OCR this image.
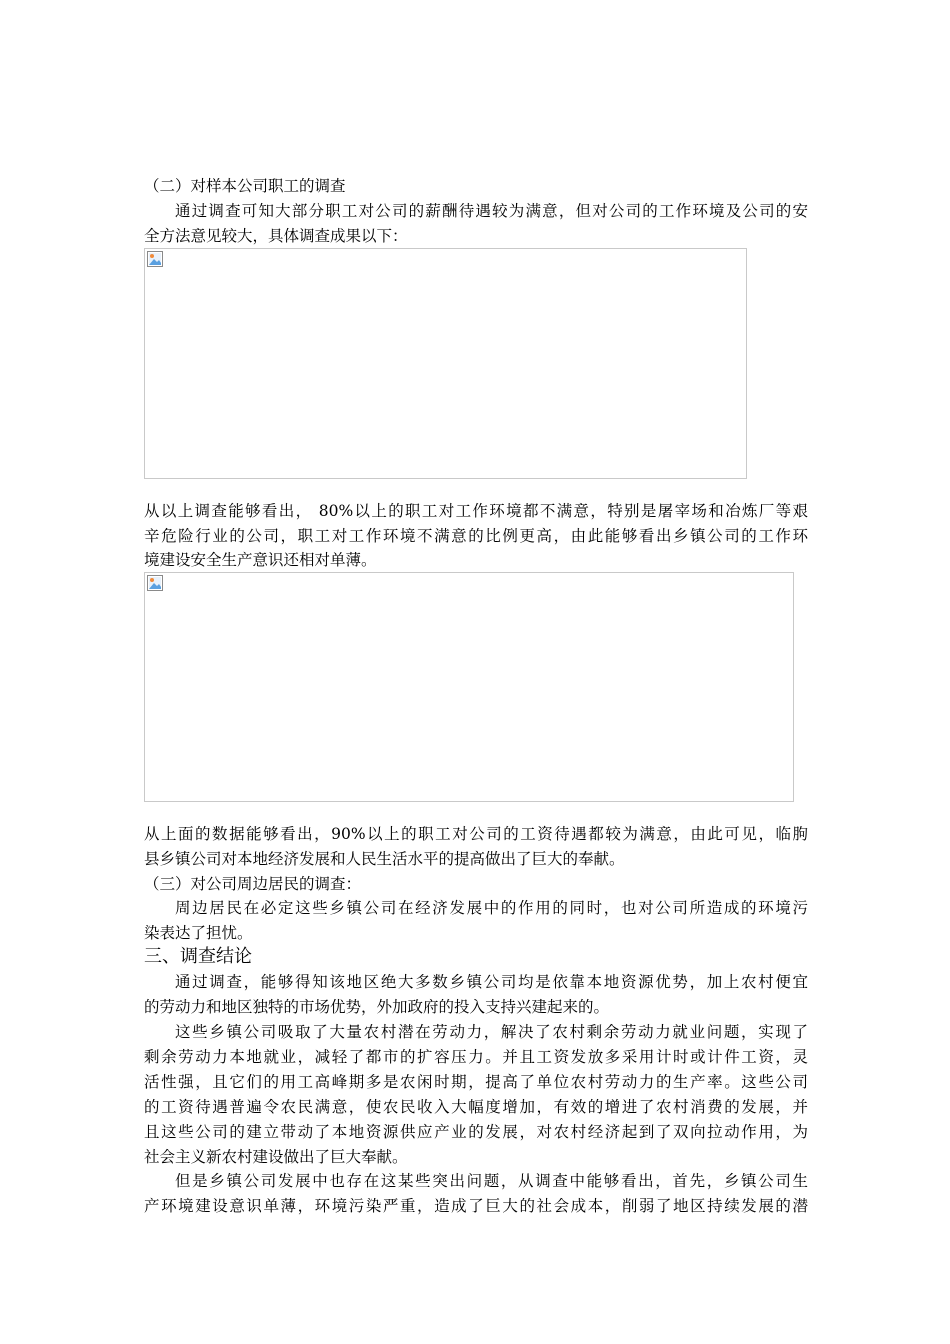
（二）对样本公司职工的调查
通过调查可知大部分职工对公司的薪酬待遇较为满意，但对公司的工作环境及公司的安
全方法意见较大，具体调查成果以下：
从以上调查能够看出， 80%以上的职工对工作环境都不满意，特别是屠宰场和冶炼厂等艰
辛危险行业的公司，职工对工作环境不满意的比例更高，由此能够看出乡镇公司的工作环
境建设安全生产意识还相对单薄。
从上面的数据能够看出，90%以上的职工对公司的工资待遇都较为满意，由此可见，临朐
县乡镇公司对本地经济发展和人民生活水平的提高做出了巨大的奉献。
（三）对公司周边居民的调查：
周边居民在必定这些乡镇公司在经济发展中的作用的同时，也对公司所造成的环境污
染表达了担忧。
三、调查结论
通过调查，能够得知该地区绝大多数乡镇公司均是依靠本地资源优势，加上农村便宜
的劳动力和地区独特的市场优势，外加政府的投入支持兴建起来的。
这些乡镇公司吸取了大量农村潜在劳动力，解决了农村剩余劳动力就业问题，实现了
剩余劳动力本地就业，减轻了都市的扩容压力。并且工资发放多采用计时或计件工资，灵
活性强，且它们的用工高峰期多是农闲时期，提高了单位农村劳动力的生产率。这些公司
的工资待遇普遍令农民满意，使农民收入大幅度增加，有效的增进了农村消费的发展，并
且这些公司的建立带动了本地资源供应产业的发展，对农村经济起到了双向拉动作用，为
社会主义新农村建设做出了巨大奉献。
但是乡镇公司发展中也存在这某些突出问题，从调查中能够看出，首先，乡镇公司生
产环境建设意识单薄，环境污染严重，造成了巨大的社会成本，削弱了地区持续发展的潜
